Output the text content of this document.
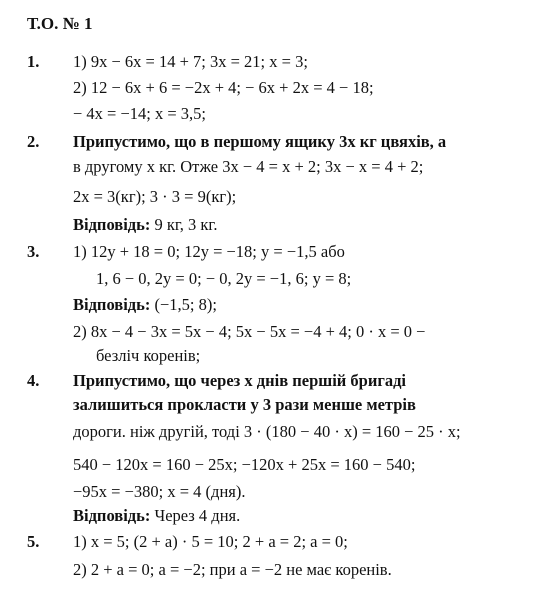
Т.О. № 1
1. 1) 9x − 6x = 14 + 7; 3x = 21; x = 3;
2) 12 − 6x + 6 = −2x + 4; − 6x + 2x = 4 − 18;
− 4x = −14; x = 3,5;
2. Припустимо, що в першому ящику 3x кг цвяхів, а
в другому x кг. Отже 3x − 4 = x + 2; 3x − x = 4 + 2;
2x = 3(кг); 3 · 3 = 9(кг);
Відповідь: 9 кг, 3 кг.
3. 1) 12y + 18 = 0; 12y = −18; y = −1,5 або
1, 6 − 0, 2y = 0; − 0, 2y = −1, 6; y = 8;
Відповідь: (−1,5; 8);
2) 8x − 4 − 3x = 5x − 4; 5x − 5x = −4 + 4; 0 · x = 0 −
безліч коренів;
4. Припустимо, що через x днів першій бригаді
залишиться прокласти у 3 рази менше метрів
дороги. ніж другій, тоді 3 · (180 − 40 · x) = 160 − 25 · x;
540 − 120x = 160 − 25x; −120x + 25x = 160 − 540;
−95x = −380; x = 4 (дня).
Відповідь: Через 4 дня.
5. 1) x = 5; (2 + a) · 5 = 10; 2 + a = 2; a = 0;
2) 2 + a = 0; a = −2; при a = −2 не має коренів.
